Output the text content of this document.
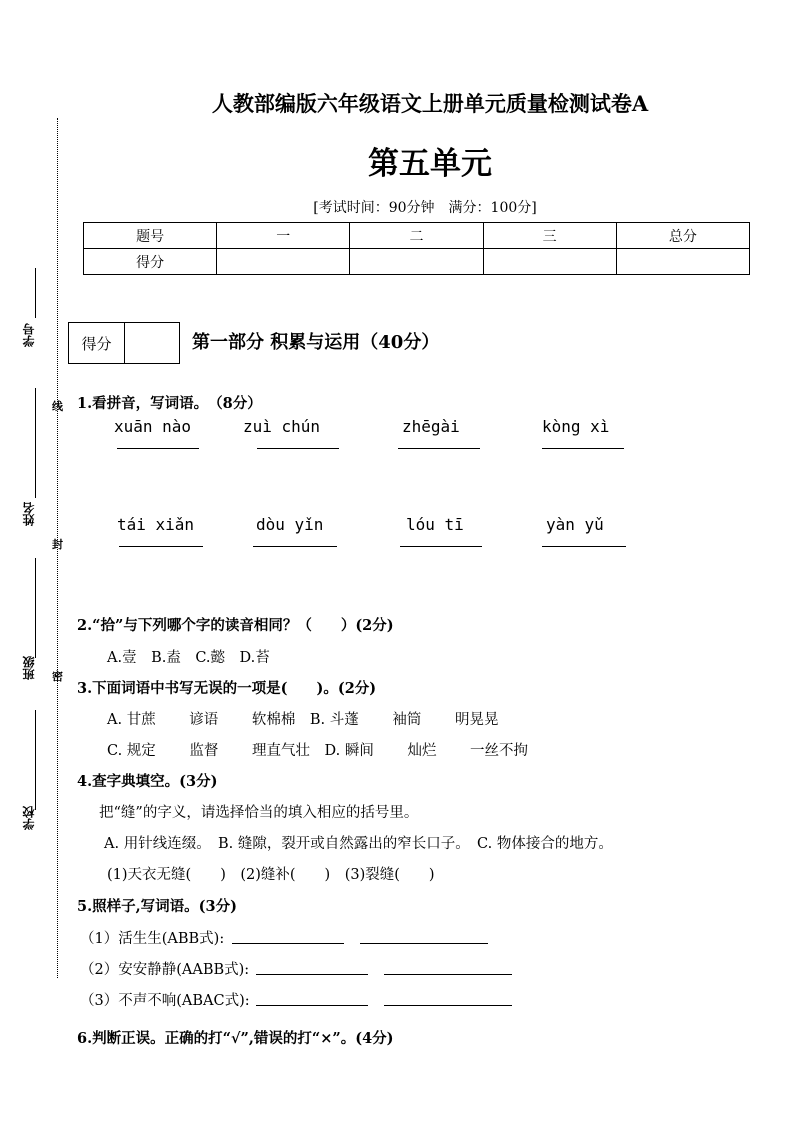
学号
姓名
班级
学校
线
封
密
人教部编版六年级语文上册单元质量检测试卷A
第五单元
[考试时间：90分钟　满分：100分]
题号	一	二	三	总分
得分				
得分	第一部分 积累与运用（40分）
1.看拼音，写词语。　（8分）
xuān nào	zuì chún	zhēgài	kòng xì
tái xiǎn	dòu yǐn	lóu tī	yàn yǔ
2.“拾”与下列哪个字的读音相同？（　　）(2分)
A.壹　B.盍　C.懿　D.苔
3.下面词语中书写无误的一项是(　　)。(2分)
A. 甘蔗　　 谚语　　 软棉棉　B. 斗蓬　　 袖筒　　 明晃晃
C. 规定　　 监督　　 理直气壮　D. 瞬间　　 灿烂　　 一丝不拘
4.查字典填空。(3分)
把“缝”的字义，请选择恰当的填入相应的括号里。
A. 用针线连缀。　B. 缝隙，裂开或自然露出的窄长口子。　C. 物体接合的地方。
(1)天衣无缝(　　)　(2)缝补(　　)　(3)裂缝(　　)
5.照样子,写词语。(3分)
（1）活生生(ABB式):
（2）安安静静(AABB式):
（3）不声不响(ABAC式):
6.判断正误。正确的打“√”,错误的打“×”。(4分)
